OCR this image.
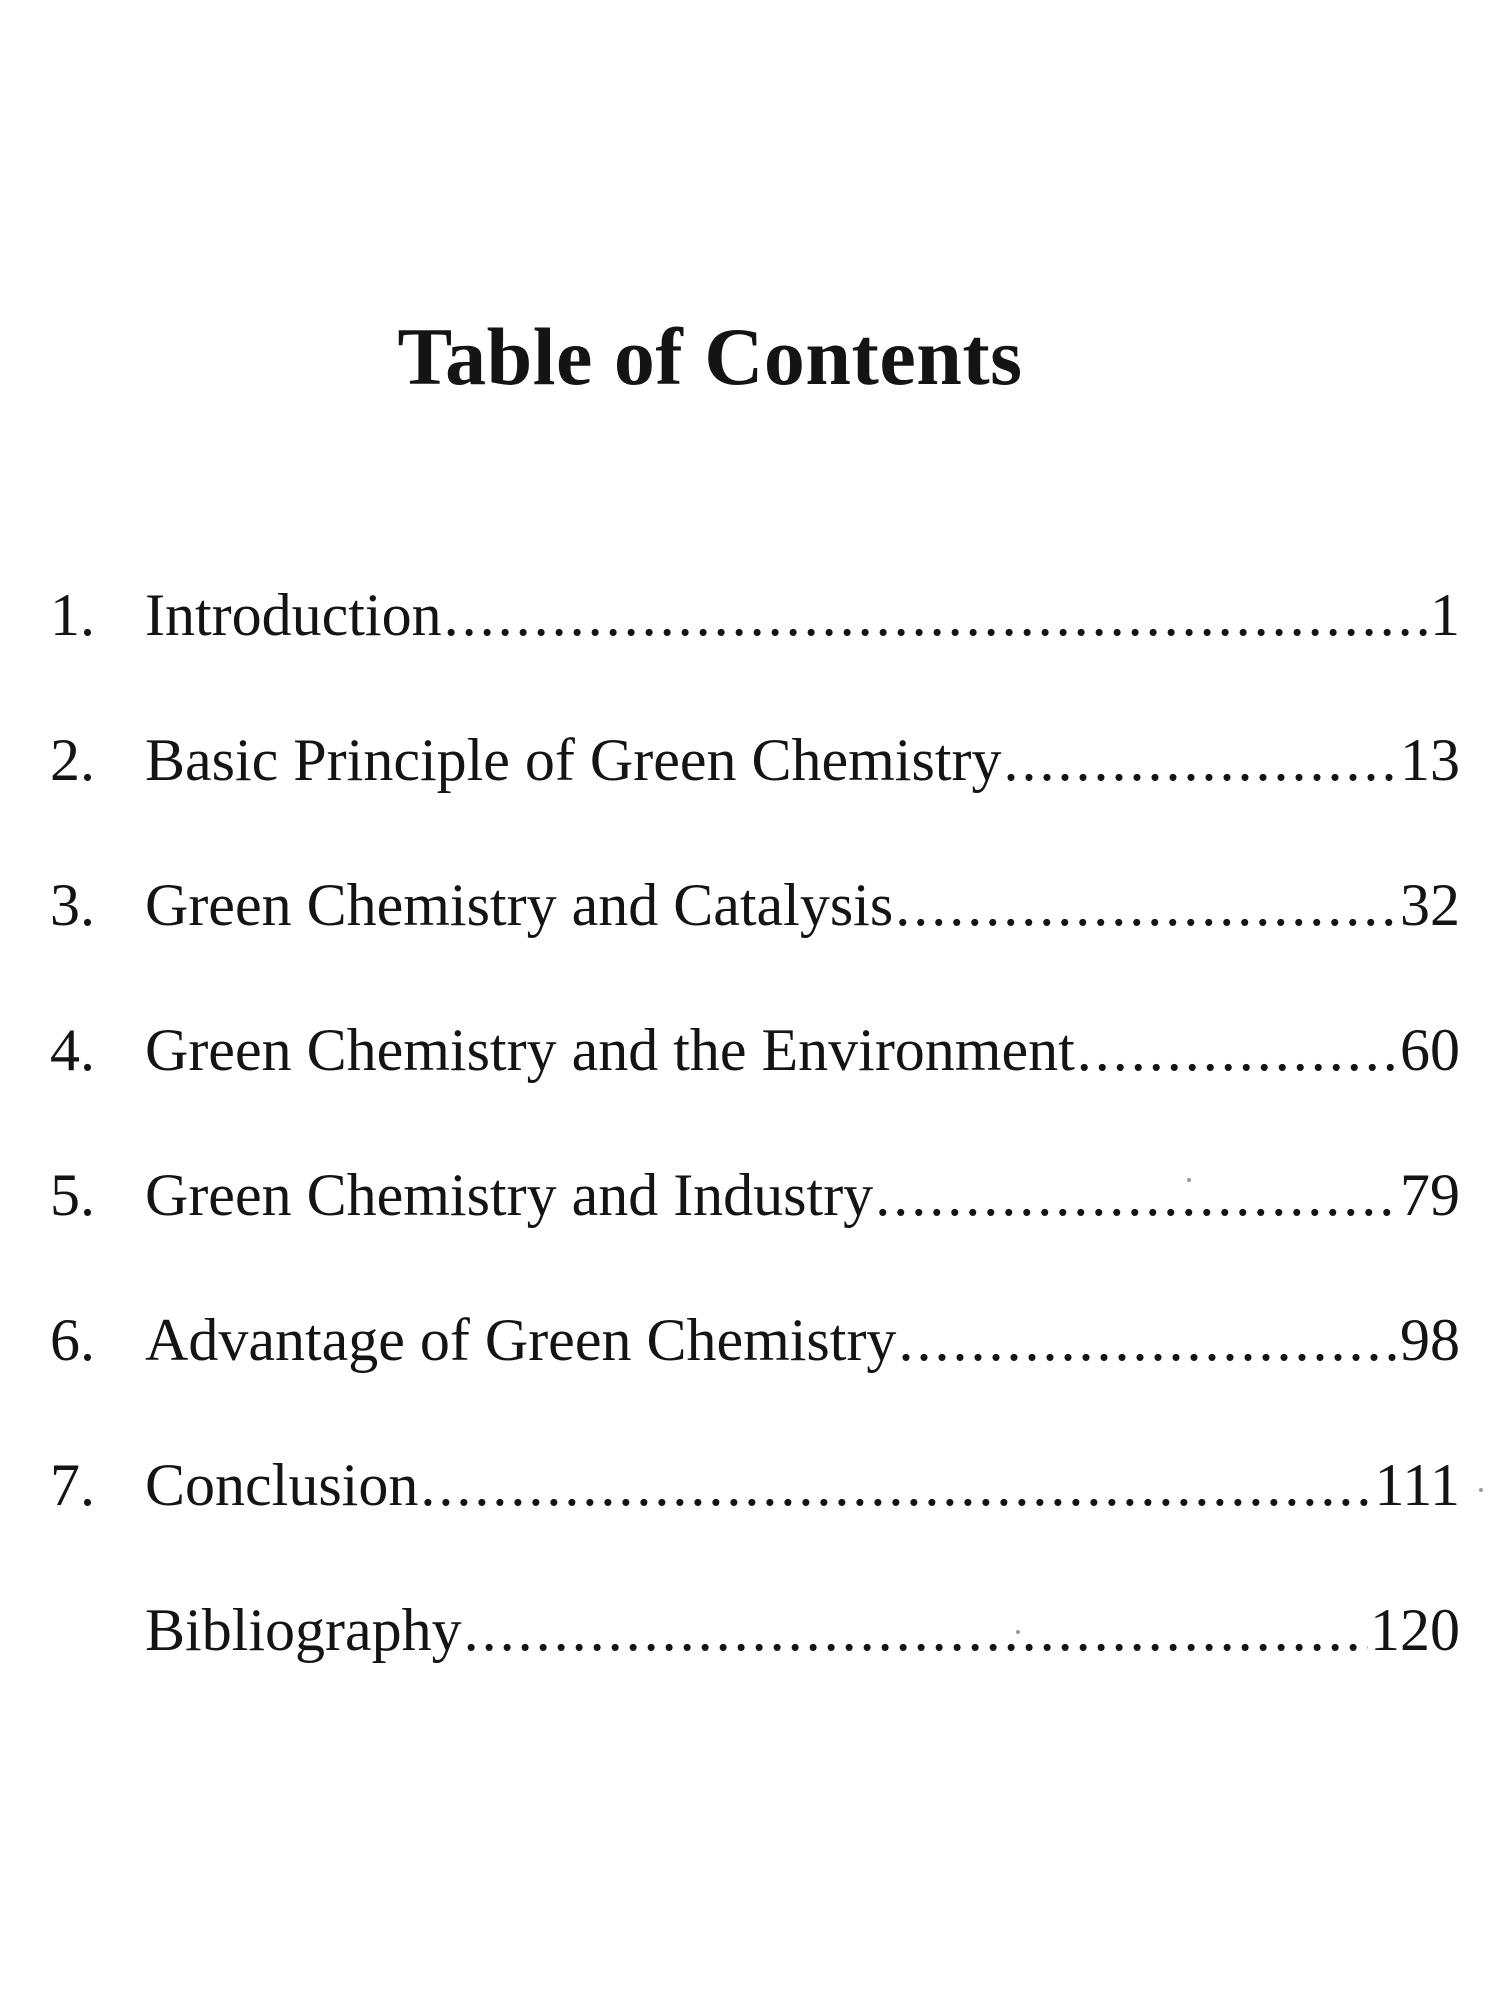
Table of Contents
1. Introduction .....	1
2. Basic Principle of Green Chemistry .....	13
3. Green Chemistry and Catalysis .....	32
4. Green Chemistry and the Environment .....	60
5. Green Chemistry and Industry .....	79
6. Advantage of Green Chemistry .....	98
7. Conclusion .....	111
Bibliography .....	120
